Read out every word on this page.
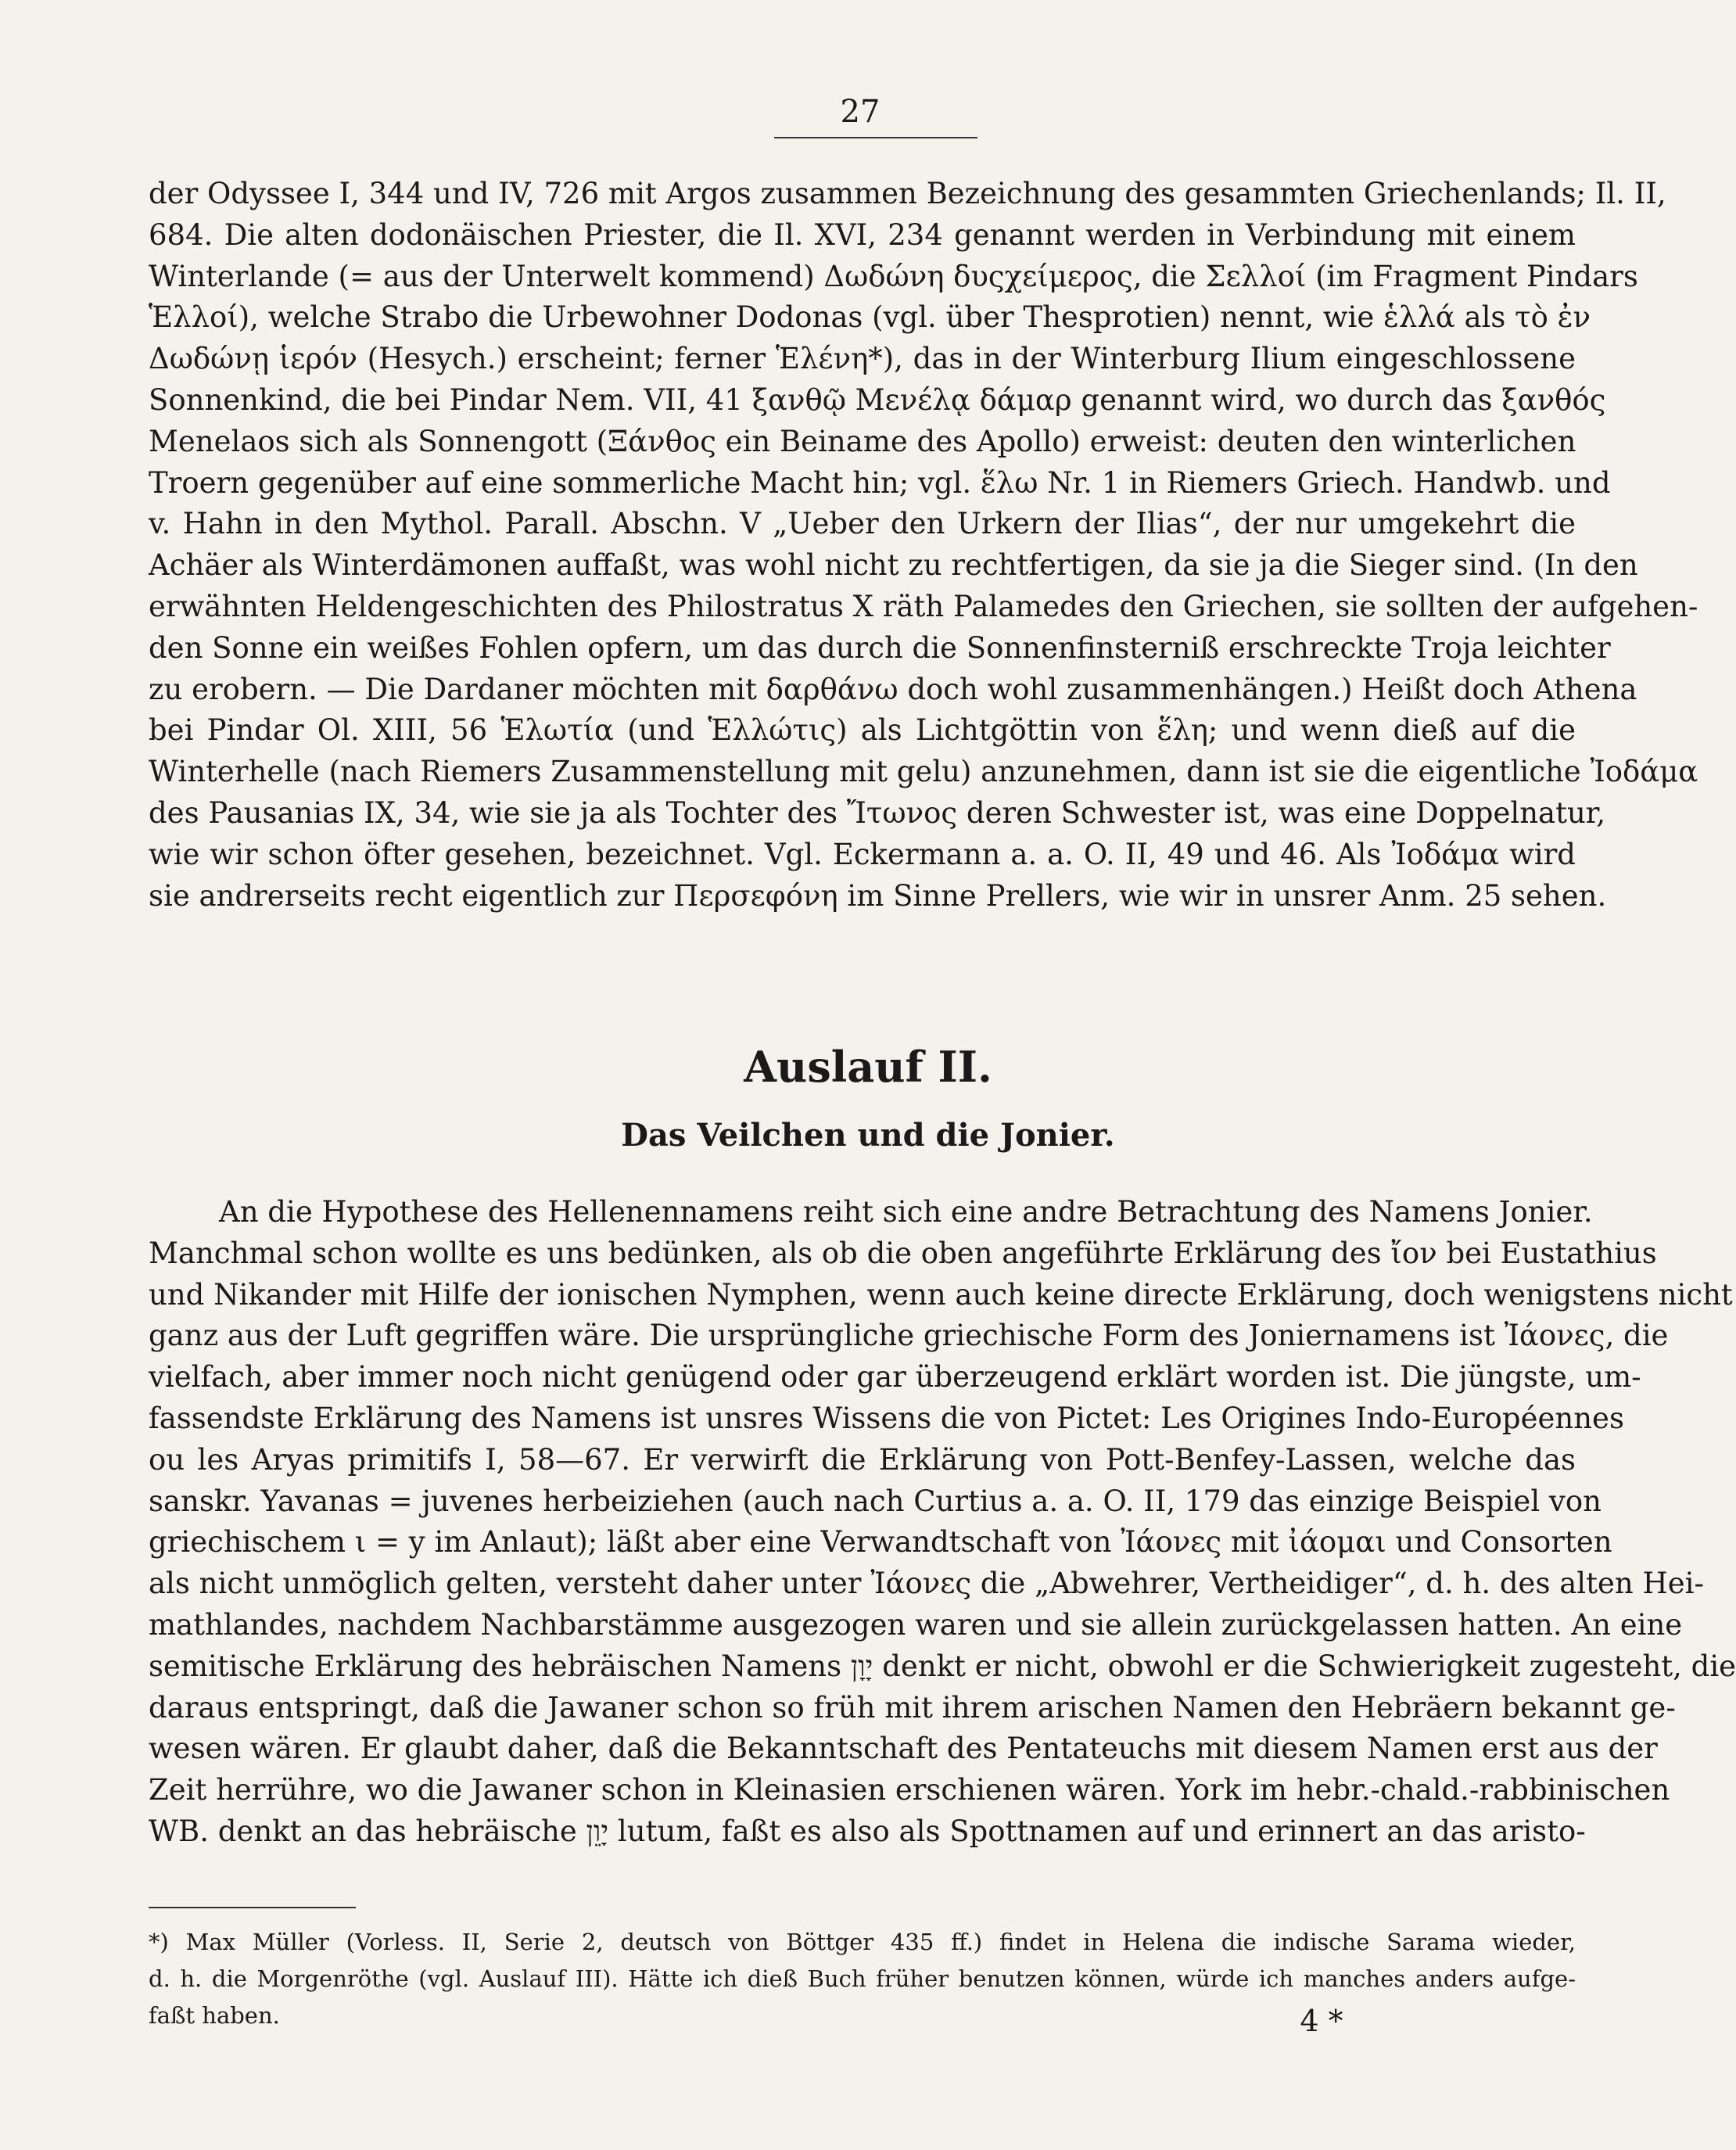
27
der Odyssee I, 344 und IV, 726 mit Argos zusammen Bezeichnung des gesammten Griechenlands; Il. II,
684. Die alten dodonäischen Priester, die Il. XVI, 234 genannt werden in Verbindung mit einem
Winterlande (= aus der Unterwelt kommend) Δωδώνη δυςχείμερος, die Σελλοί (im Fragment Pindars
Ἑλλοί), welche Strabo die Urbewohner Dodonas (vgl. über Thesprotien) nennt, wie ἑλλά als τὸ ἐν
Δωδώνῃ ἱερόν (Hesych.) erscheint; ferner Ἑλένη*), das in der Winterburg Ilium eingeschlossene
Sonnenkind, die bei Pindar Nem. VII, 41 ξανθῷ Μενέλᾳ δάμαρ genannt wird, wo durch das ξανθός
Menelaos sich als Sonnengott (Ξάνθος ein Beiname des Apollo) erweist: deuten den winterlichen
Troern gegenüber auf eine sommerliche Macht hin; vgl. ἕλω Nr. 1 in Riemers Griech. Handwb. und
v. Hahn in den Mythol. Parall. Abschn. V „Ueber den Urkern der Ilias“, der nur umgekehrt die
Achäer als Winterdämonen auffaßt, was wohl nicht zu rechtfertigen, da sie ja die Sieger sind. (In den
erwähnten Heldengeschichten des Philostratus X räth Palamedes den Griechen, sie sollten der aufgehen-
den Sonne ein weißes Fohlen opfern, um das durch die Sonnenfinsterniß erschreckte Troja leichter
zu erobern. — Die Dardaner möchten mit δαρθάνω doch wohl zusammenhängen.) Heißt doch Athena
bei Pindar Ol. XIII, 56 Ἑλωτία (und Ἑλλώτις) als Lichtgöttin von ἕλη; und wenn dieß auf die
Winterhelle (nach Riemers Zusammenstellung mit gelu) anzunehmen, dann ist sie die eigentliche Ἰοδάμα
des Pausanias IX, 34, wie sie ja als Tochter des Ἴτωνος deren Schwester ist, was eine Doppelnatur,
wie wir schon öfter gesehen, bezeichnet. Vgl. Eckermann a. a. O. II, 49 und 46. Als Ἰοδάμα wird
sie andrerseits recht eigentlich zur Περσεφόνη im Sinne Prellers, wie wir in unsrer Anm. 25 sehen.
Auslauf II.
Das Veilchen und die Jonier.
An die Hypothese des Hellenennamens reiht sich eine andre Betrachtung des Namens Jonier.
Manchmal schon wollte es uns bedünken, als ob die oben angeführte Erklärung des ἴον bei Eustathius
und Nikander mit Hilfe der ionischen Nymphen, wenn auch keine directe Erklärung, doch wenigstens nicht
ganz aus der Luft gegriffen wäre. Die ursprüngliche griechische Form des Joniernamens ist Ἰάονες, die
vielfach, aber immer noch nicht genügend oder gar überzeugend erklärt worden ist. Die jüngste, um-
fassendste Erklärung des Namens ist unsres Wissens die von Pictet: Les Origines Indo-Européennes
ou les Aryas primitifs I, 58—67. Er verwirft die Erklärung von Pott-Benfey-Lassen, welche das
sanskr. Yavanas = juvenes herbeiziehen (auch nach Curtius a. a. O. II, 179 das einzige Beispiel von
griechischem ι = y im Anlaut); läßt aber eine Verwandtschaft von Ἰάονες mit ἰάομαι und Consorten
als nicht unmöglich gelten, versteht daher unter Ἰάονες die „Abwehrer, Vertheidiger“, d. h. des alten Hei-
mathlandes, nachdem Nachbarstämme ausgezogen waren und sie allein zurückgelassen hatten. An eine
semitische Erklärung des hebräischen Namens יָוָן denkt er nicht, obwohl er die Schwierigkeit zugesteht, die
daraus entspringt, daß die Jawaner schon so früh mit ihrem arischen Namen den Hebräern bekannt ge-
wesen wären. Er glaubt daher, daß die Bekanntschaft des Pentateuchs mit diesem Namen erst aus der
Zeit herrühre, wo die Jawaner schon in Kleinasien erschienen wären. York im hebr.-chald.-rabbinischen
WB. denkt an das hebräische יָוֵן lutum, faßt es also als Spottnamen auf und erinnert an das aristo-
*) Max Müller (Vorless. II, Serie 2, deutsch von Böttger 435 ff.) findet in Helena die indische Sarama wieder,
d. h. die Morgenröthe (vgl. Auslauf III). Hätte ich dieß Buch früher benutzen können, würde ich manches anders aufge-
faßt haben.	4 *
